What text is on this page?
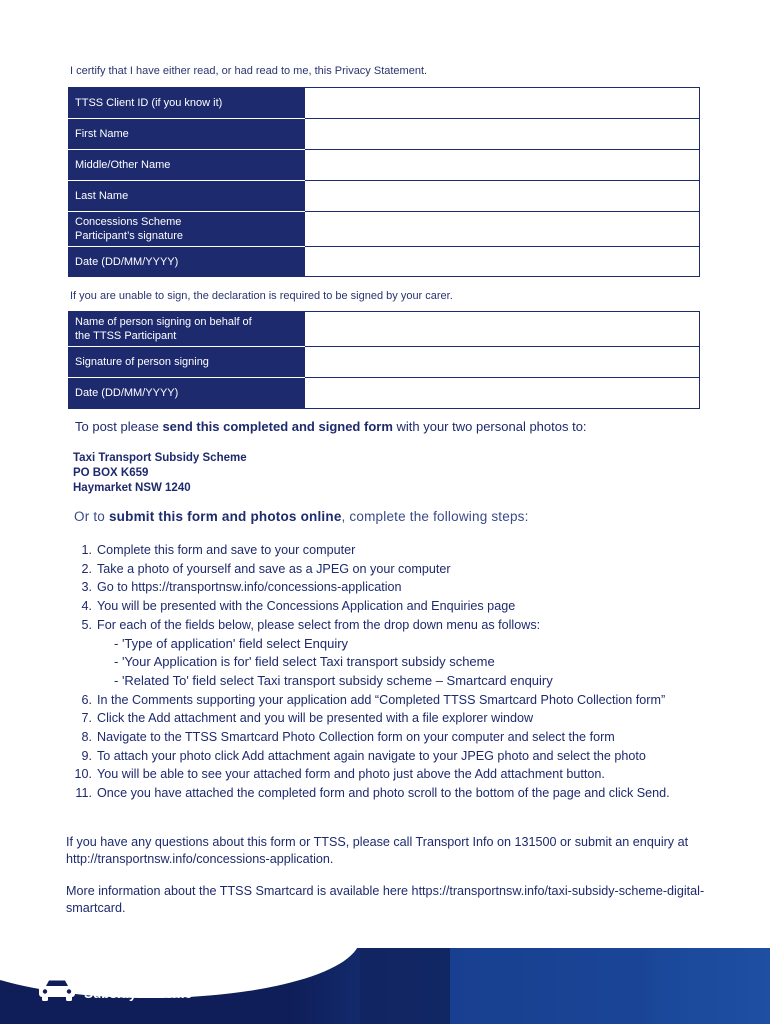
I certify that I have either read, or had read to me, this Privacy Statement.
TTSS Client ID (if you know it)	
First Name	
Middle/Other Name	
Last Name	

Concessions Scheme
Participant’s signature	

Date (DD/MM/YYYY)	
If you are unable to sign, the declaration is required to be signed by your carer.
Name of person signing on behalf of
the TTSS Participant	

Signature of person signing	
Date (DD/MM/YYYY)	
To post please send this completed and signed form with your two personal photos to:
Taxi Transport Subsidy Scheme
PO BOX K659
Haymarket NSW 1240
Or to submit this form and photos online, complete the following steps:
1. Complete this form and save to your computer
2. Take a photo of yourself and save as a JPEG on your computer
3. Go to https://transportnsw.info/concessions-application
4. You will be presented with the Concessions Application and Enquiries page
5. For each of the fields below, please select from the drop down menu as follows:
- 'Type of application' field select Enquiry
- 'Your Application is for' field select Taxi transport subsidy scheme
- 'Related To' field select Taxi transport subsidy scheme – Smartcard enquiry
6. In the Comments supporting your application add “Completed TTSS Smartcard Photo Collection form”
7. Click the Add attachment and you will be presented with a file explorer window
8. Navigate to the TTSS Smartcard Photo Collection form on your computer and select the form
9. To attach your photo click Add attachment again navigate to your JPEG photo and select the photo
10. You will be able to see your attached form and photo just above the Add attachment button.
11. Once you have attached the completed form and photo scroll to the bottom of the page and click Send.
If you have any questions about this form or TTSS, please call Transport Info on 131500 or submit an enquiry at http://transportnsw.info/concessions-application.
More information about the TTSS Smartcard is available here https://transportnsw.info/taxi-subsidy-scheme-digital-smartcard.
Taxi Transport
Subsidy Scheme
